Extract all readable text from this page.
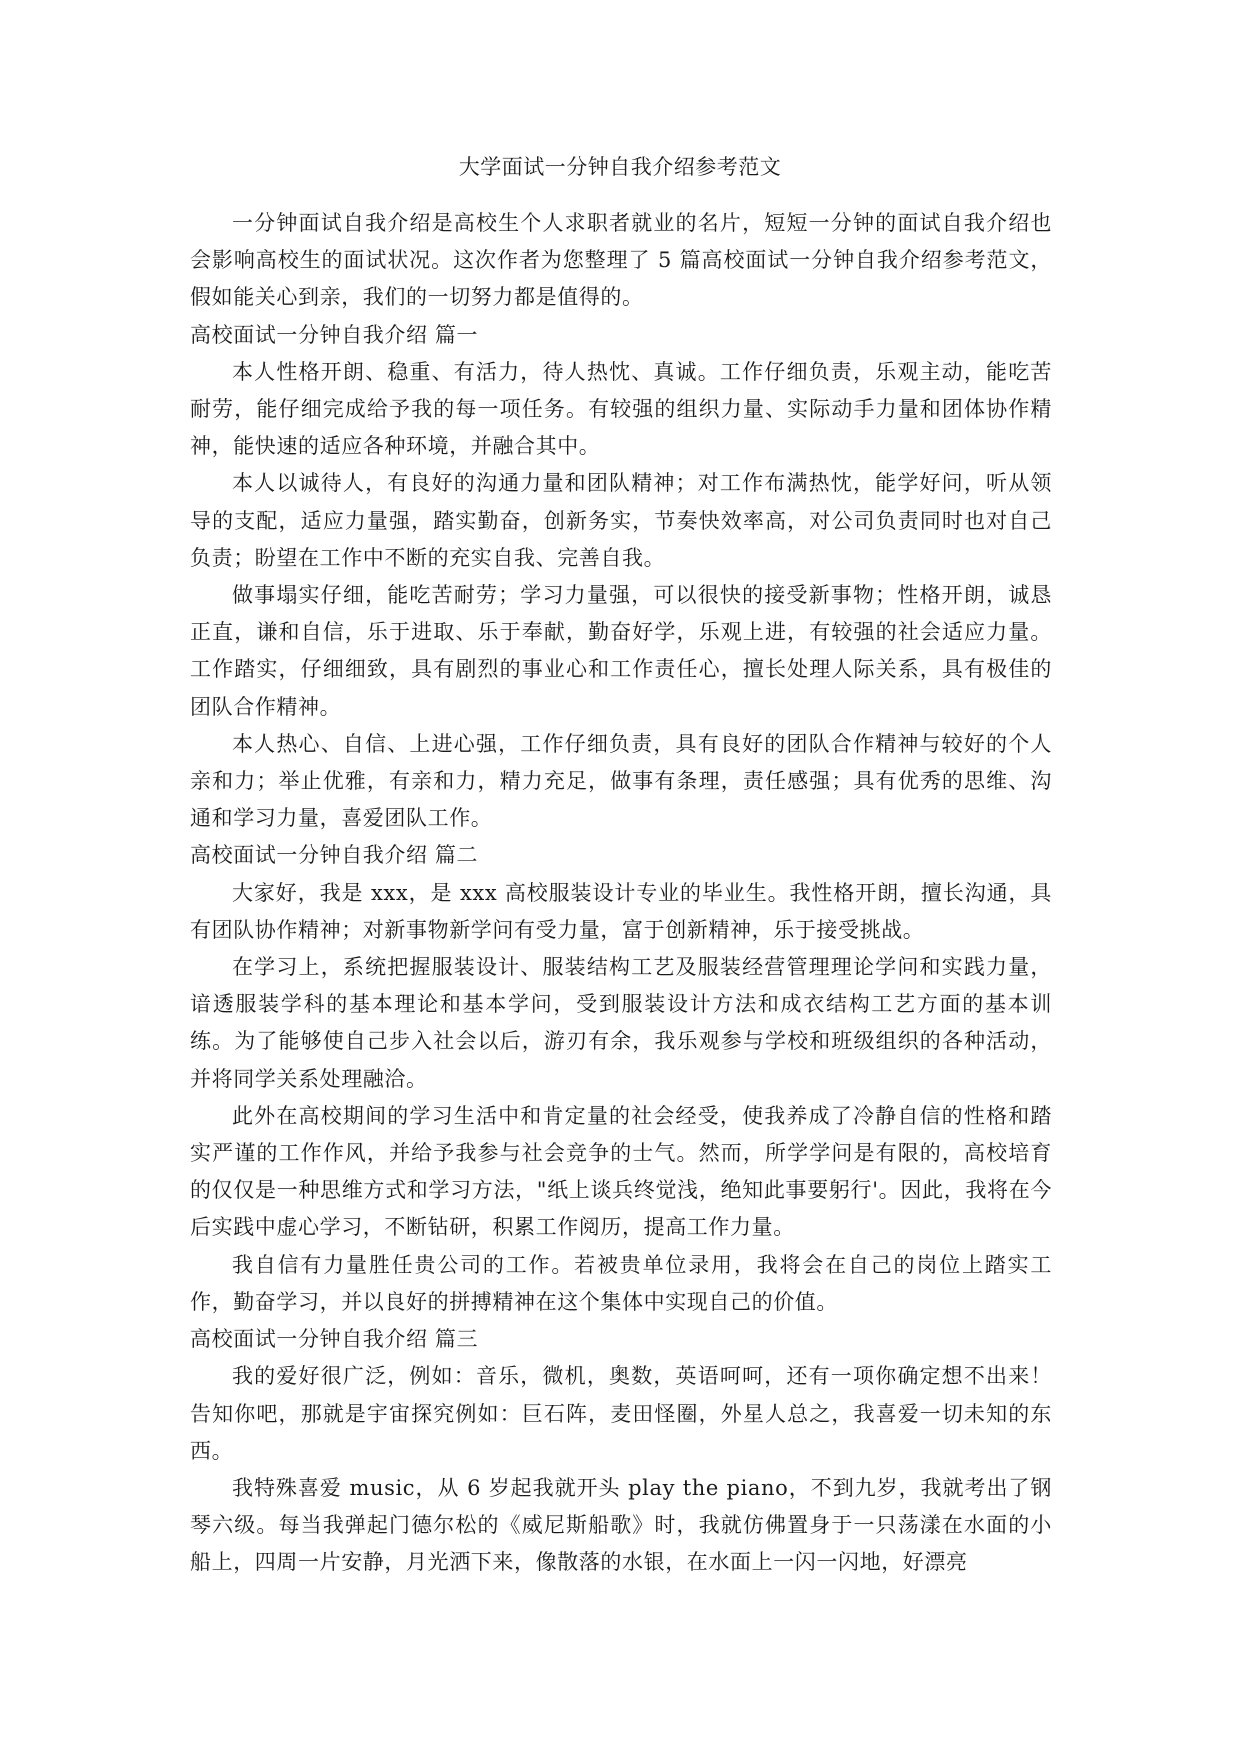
大学面试一分钟自我介绍参考范文

一分钟面试自我介绍是高校生个人求职者就业的名片，短短一分钟的面试自我介绍也会影响高校生的面试状况。这次作者为您整理了 5 篇高校面试一分钟自我介绍参考范文，假如能关心到亲，我们的一切努力都是值得的。

高校面试一分钟自我介绍 篇一

本人性格开朗、稳重、有活力，待人热忱、真诚。工作仔细负责，乐观主动，能吃苦耐劳，能仔细完成给予我的每一项任务。有较强的组织力量、实际动手力量和团体协作精神，能快速的适应各种环境，并融合其中。

本人以诚待人，有良好的沟通力量和团队精神；对工作布满热忱，能学好问，听从领导的支配，适应力量强，踏实勤奋，创新务实，节奏快效率高，对公司负责同时也对自己负责；盼望在工作中不断的充实自我、完善自我。

做事塌实仔细，能吃苦耐劳；学习力量强，可以很快的接受新事物；性格开朗，诚恳正直，谦和自信，乐于进取、乐于奉献，勤奋好学，乐观上进，有较强的社会适应力量。工作踏实，仔细细致，具有剧烈的事业心和工作责任心，擅长处理人际关系，具有极佳的团队合作精神。

本人热心、自信、上进心强，工作仔细负责，具有良好的团队合作精神与较好的个人亲和力；举止优雅，有亲和力，精力充足，做事有条理，责任感强；具有优秀的思维、沟通和学习力量，喜爱团队工作。

高校面试一分钟自我介绍 篇二

大家好，我是 xxx，是 xxx 高校服装设计专业的毕业生。我性格开朗，擅长沟通，具有团队协作精神；对新事物新学问有受力量，富于创新精神，乐于接受挑战。

在学习上，系统把握服装设计、服装结构工艺及服装经营管理理论学问和实践力量，谙透服装学科的基本理论和基本学问，受到服装设计方法和成衣结构工艺方面的基本训练。为了能够使自己步入社会以后，游刃有余，我乐观参与学校和班级组织的各种活动，并将同学关系处理融洽。

此外在高校期间的学习生活中和肯定量的社会经受，使我养成了冷静自信的性格和踏实严谨的工作作风，并给予我参与社会竞争的士气。然而，所学学问是有限的，高校培育的仅仅是一种思维方式和学习方法，"纸上谈兵终觉浅，绝知此事要躬行'。因此，我将在今后实践中虚心学习，不断钻研，积累工作阅历，提高工作力量。

我自信有力量胜任贵公司的工作。若被贵单位录用，我将会在自己的岗位上踏实工作，勤奋学习，并以良好的拼搏精神在这个集体中实现自己的价值。

高校面试一分钟自我介绍 篇三

我的爱好很广泛，例如：音乐，微机，奥数，英语呵呵，还有一项你确定想不出来！告知你吧，那就是宇宙探究例如：巨石阵，麦田怪圈，外星人总之，我喜爱一切未知的东西。

我特殊喜爱 music，从 6 岁起我就开头 play the piano，不到九岁，我就考出了钢琴六级。每当我弹起门德尔松的《威尼斯船歌》时，我就仿佛置身于一只荡漾在水面的小船上，四周一片安静，月光洒下来，像散落的水银，在水面上一闪一闪地，好漂亮
